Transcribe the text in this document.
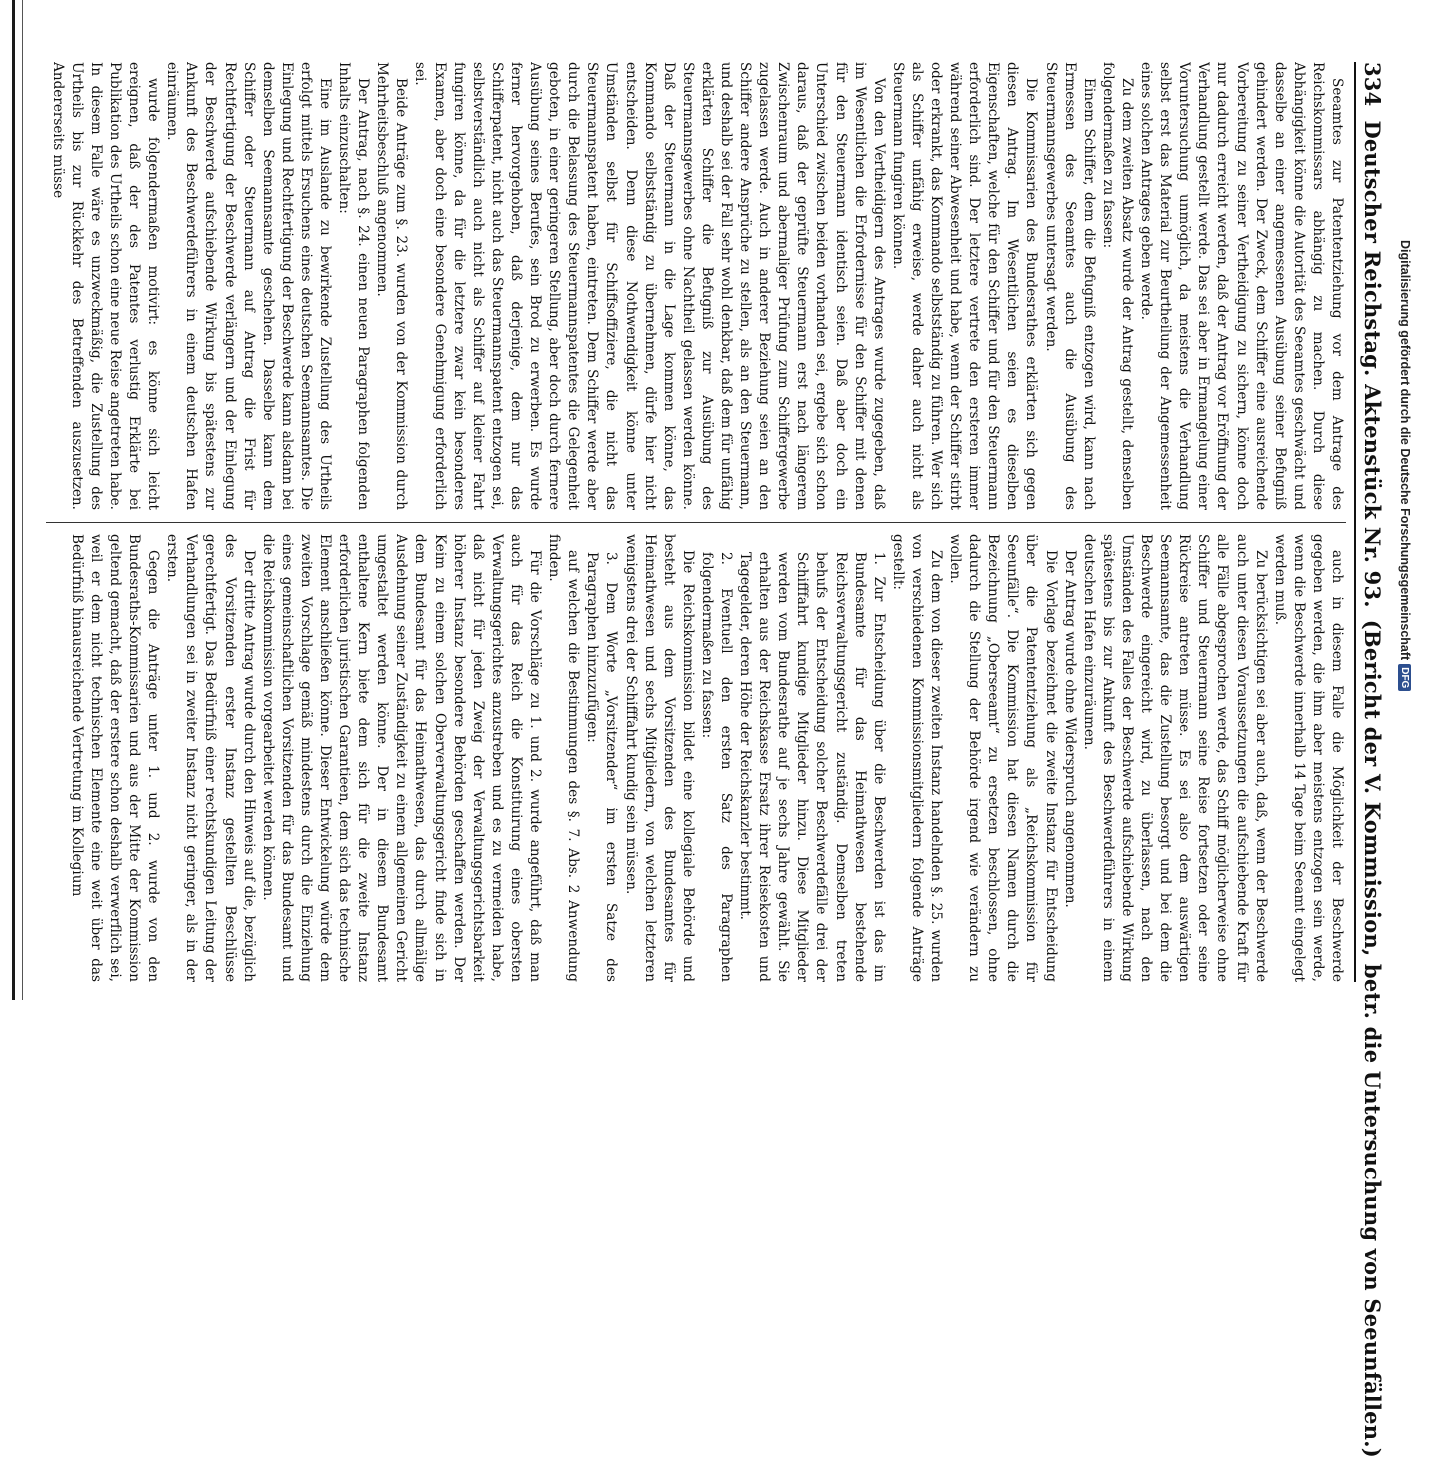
334
Deutscher Reichstag. Aktenstück Nr. 93.
(Bericht der V. Kommission, betr. die Untersuchung von Seeunfällen.)

Seeamtes zur Patententziehung vor dem Antrage des Reichskommissars abhängig zu machen. Durch diese Abhängigkeit könne die Autorität des Seeamtes geschwächt und dasselbe an einer angemessenen Ausübung seiner Befugniß gehindert werden. Der Zweck, dem Schiffer eine ausreichende Vorbereitung zu seiner Vertheidigung zu sichern, könne doch nur dadurch erreicht werden, daß der Antrag vor Eröffnung der Verhandlung gestellt werde. Das sei aber in Ermangelung einer Voruntersuchung unmöglich, da meistens die Verhandlung selbst erst das Material zur Beurtheilung der Angemessenheit eines solchen Antrages geben werde.

Zu dem zweiten Absatz wurde der Antrag gestellt, denselben folgendermaßen zu fassen:

Einem Schiffer, dem die Befugniß entzogen wird, kann nach Ermessen des Seeamtes auch die Ausübung des Steuermannsgewerbes untersagt werden.

Die Kommissarien des Bundesrathes erklärten sich gegen diesen Antrag. Im Wesentlichen seien es dieselben Eigenschaften, welche für den Schiffer und für den Steuermann erforderlich sind. Der letztere vertrete den ersteren immer während seiner Abwesenheit und habe, wenn der Schiffer stirbt oder erkrankt, das Kommando selbstständig zu führen. Wer sich als Schiffer unfähig erweise, werde daher auch nicht als Steuermann fungiren können.

Von den Vertheidigern des Antrages wurde zugegeben, daß im Wesentlichen die Erfordernisse für den Schiffer mit denen für den Steuermann identisch seien. Daß aber doch ein Unterschied zwischen beiden vorhanden sei, ergebe sich schon daraus, daß der geprüfte Steuermann erst nach längerem Zwischenraum und abermaliger Prüfung zum Schiffergewerbe zugelassen werde. Auch in anderer Beziehung seien an den Schiffer andere Ansprüche zu stellen, als an den Steuermann, und deshalb sei der Fall sehr wohl denkbar, daß dem für unfähig erklärten Schiffer die Befugniß zur Ausübung des Steuermannsgewerbes ohne Nachtheil gelassen werden könne. Daß der Steuermann in die Lage kommen könne, das Kommando selbstständig zu übernehmen, dürfe hier nicht entscheiden. Denn diese Nothwendigkeit könne unter Umständen selbst für Schiffsoffiziere, die nicht das Steuermannspatent haben, eintreten. Dem Schiffer werde aber durch die Belassung des Steuermannspatentes die Gelegenheit geboten, in einer geringeren Stellung, aber doch durch fernere Ausübung seines Berufes, sein Brod zu erwerben. Es wurde ferner hervorgehoben, daß derjenige, dem nur das Schifferpatent, nicht auch das Steuermannspatent entzogen sei, selbstverständlich auch nicht als Schiffer auf kleiner Fahrt fungiren könne, da für die letztere zwar kein besonderes Examen, aber doch eine besondere Genehmigung erforderlich sei.

Beide Anträge zum §. 23. wurden von der Kommission durch Mehrheitsbeschluß angenommen.

Der Antrag, nach §. 24. einen neuen Paragraphen folgenden Inhalts einzuschalten:

Eine im Auslande zu bewirkende Zustellung des Urtheils erfolgt mittels Ersuchens eines deutschen Seemannsamtes. Die Einlegung und Rechtfertigung der Beschwerde kann alsdann bei demselben Seemannsamte geschehen. Dasselbe kann dem Schiffer oder Steuermann auf Antrag die Frist für Rechtfertigung der Beschwerde verlängern und der Einlegung der Beschwerde aufschiebende Wirkung bis spätestens zur Ankunft des Beschwerdeführers in einem deutschen Hafen einräumen.

wurde folgendermaßen motivirt: es könne sich leicht ereignen, daß der des Patentes verlustig Erklärte bei Publikation des Urtheils schon eine neue Reise angetreten habe. In diesem Falle wäre es unzweckmäßig, die Zustellung des Urtheils bis zur Rückkehr des Betreffenden auszusetzen. Andererseits müsse

auch in diesem Falle die Möglichkeit der Beschwerde gegeben werden, die ihm aber meistens entzogen sein werde, wenn die Beschwerde innerhalb 14 Tage beim Seeamt eingelegt werden muß.

Zu berücksichtigen sei aber auch, daß, wenn der Beschwerde auch unter diesen Voraussetzungen die aufschiebende Kraft für alle Fälle abgesprochen werde, das Schiff möglicherweise ohne Schiffer und Steuermann seine Reise fortsetzen oder seine Rückreise antreten müsse. Es sei also dem auswärtigen Seemannsamte, das die Zustellung besorgt und bei dem die Beschwerde eingereicht wird, zu überlassen, nach den Umständen des Falles der Beschwerde aufschiebende Wirkung spätestens bis zur Ankunft des Beschwerdeführers in einem deutschen Hafen einzuräumen.

Der Antrag wurde ohne Widerspruch angenommen.

Die Vorlage bezeichnet die zweite Instanz für Entscheidung über die Patententziehung als „Reichskommission für Seeunfälle“. Die Kommission hat diesen Namen durch die Bezeichnung „Oberseeamt“ zu ersetzen beschlossen, ohne dadurch die Stellung der Behörde irgend wie verändern zu wollen.

Zu dem von dieser zweiten Instanz handelnden §. 25. wurden von verschiedenen Kommissionsmitgliedern folgende Anträge gestellt:

1. Zur Entscheidung über die Beschwerden ist das im Bundesamte für das Heimathwesen bestehende Reichsverwaltungsgericht zuständig. Demselben treten behufs der Entscheidung solcher Beschwerdefälle drei der Schifffahrt kundige Mitglieder hinzu. Diese Mitglieder werden vom Bundesrathe auf je sechs Jahre gewählt. Sie erhalten aus der Reichskasse Ersatz ihrer Reisekosten und Tagegelder, deren Höhe der Reichskanzler bestimmt.

2. Eventuell den ersten Satz des Paragraphen folgendermaßen zu fassen:

Die Reichskommission bildet eine kollegiale Behörde und besteht aus dem Vorsitzenden des Bundesamtes für Heimathwesen und sechs Mitgliedern, von welchen letzteren wenigstens drei der Schifffahrt kundig sein müssen.

3. Dem Worte „Vorsitzender“ im ersten Satze des Paragraphen hinzuzufügen:

auf welchen die Bestimmungen des §. 7. Abs. 2 Anwendung finden.

Für die Vorschläge zu 1. und 2. wurde angeführt, daß man auch für das Reich die Konstituirung eines obersten Verwaltungsgerichtes anzustreben und es zu vermeiden habe, daß nicht für jeden Zweig der Verwaltungsgerichtsbarkeit höherer Instanz besondere Behörden geschaffen werden. Der Keim zu einem solchen Oberverwaltungsgericht finde sich in dem Bundesamt für das Heimathwesen, das durch allmälige Ausdehnung seiner Zuständigkeit zu einem allgemeinen Gericht umgestaltet werden könne. Der in diesem Bundesamt enthaltene Kern biete dem sich für die zweite Instanz erforderlichen juristischen Garantieen, dem sich das technische Element anschließen könne. Dieser Entwickelung würde dem zweiten Vorschlage gemäß mindestens durch die Einziehung eines gemeinschaftlichen Vorsitzenden für das Bundesamt und die Reichskommission vorgearbeitet werden können.

Der dritte Antrag wurde durch den Hinweis auf die, bezüglich des Vorsitzenden erster Instanz gestellten Beschlüsse gerechtfertigt. Das Bedürfniß einer rechtskundigen Leitung der Verhandlungen sei in zweiter Instanz nicht geringer, als in der ersten.

Gegen die Anträge unter 1. und 2. wurde von den Bundesraths-Kommissarien und aus der Mitte der Kommission geltend gemacht, daß der erstere schon deshalb verwerflich sei, weil er dem nicht technischen Elemente eine weit über das Bedürfniß hinausreichende Vertretung im Kollegium

Digitalisierung gefördert durch die Deutsche Forschungsgemeinschaft
DFG
